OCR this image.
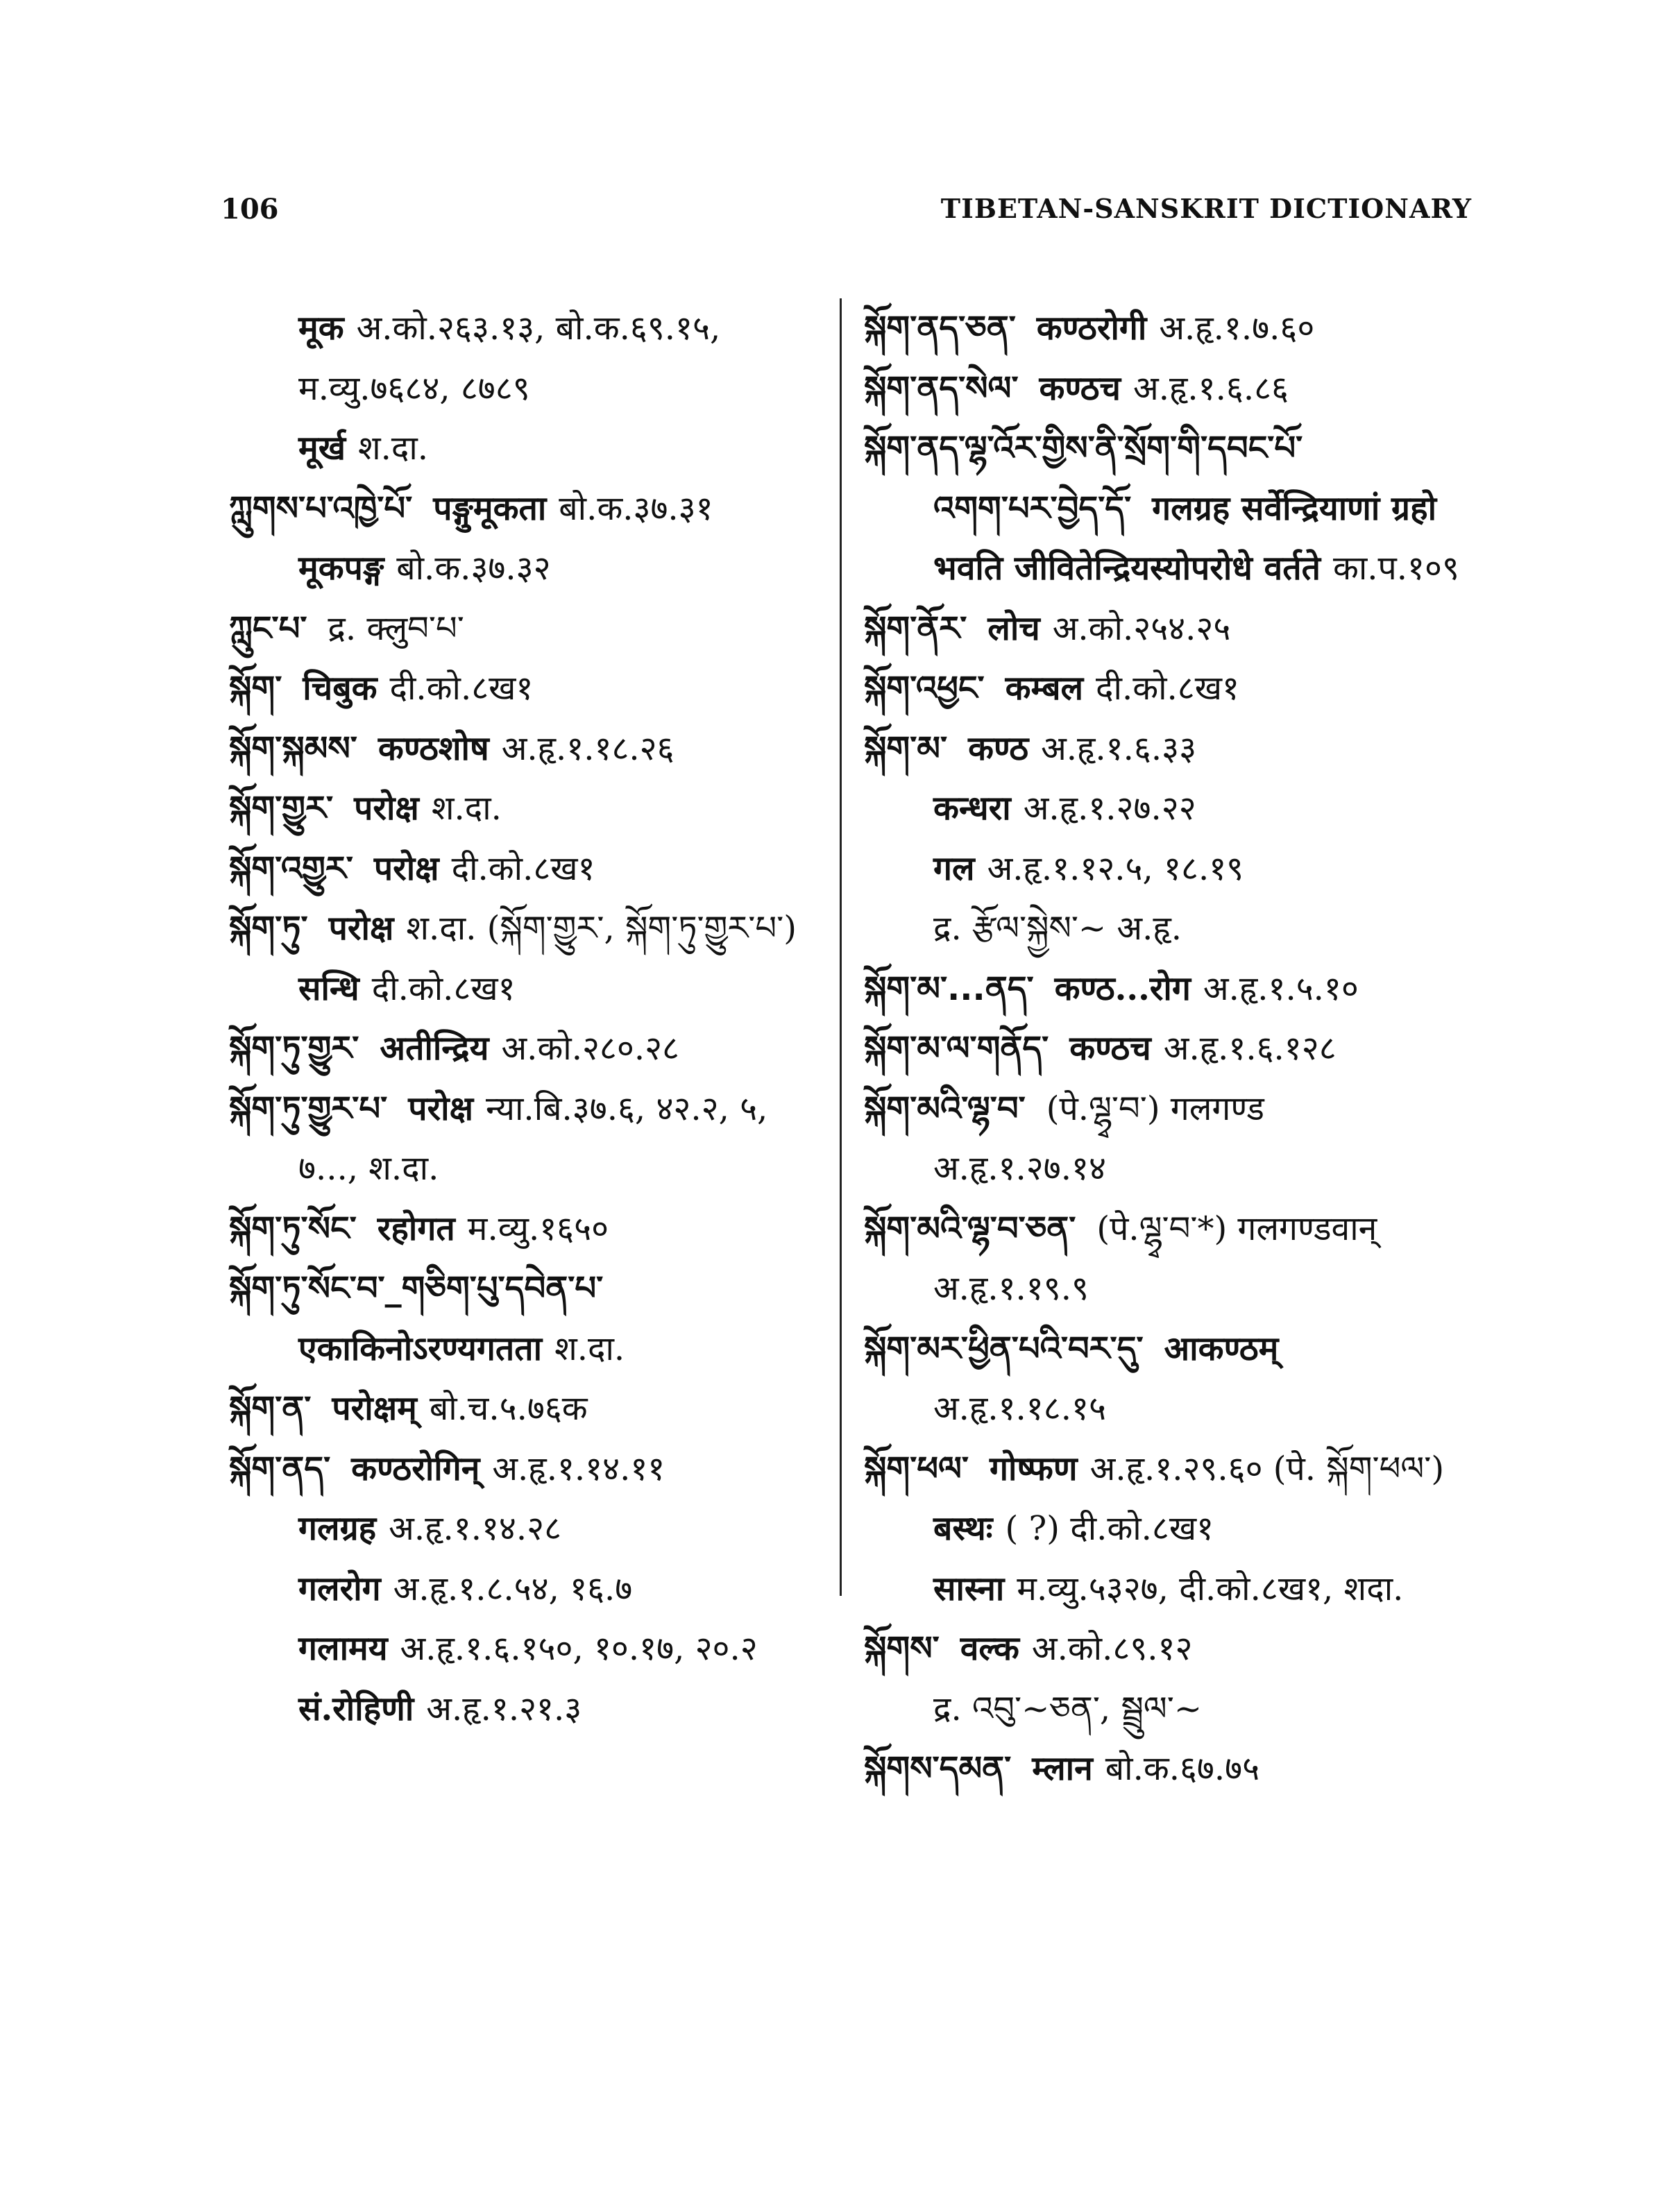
106	TIBETAN-SANSKRIT DICTIONARY
मूक अ.को.२६३.१३, बो.क.६९.१५,
म.व्यु.७६८४, ८७८९
मूर्ख श.दा.
ཀླུགས་པ་འཁྱེ་པོ་ पङ्गुमूकता बो.क.३७.३१
मूकपङ्ग बो.क.३७.३२
ཀླུང་པ་ द्र. क्लुབ་པ་
སྐོག་ चिबुक दी.को.८ख१
སྐོག་སྐམས་ कण्ठशोष अ.हृ.१.१८.२६
སྐོག་གྱུར་ परोक्ष श.दा.
སྐོག་འགྱུར་ परोक्ष दी.को.८ख१
སྐོག་ཏུ་ परोक्ष श.दा. (སྐོག་གྱུར་, སྐོག་ཏུ་གྱུར་པ་)
सन्धि दी.को.८ख१
སྐོག་ཏུ་གྱུར་ अतीन्द्रिय अ.को.२८०.२८
སྐོག་ཏུ་གྱུར་པ་ परोक्ष न्या.बि.३७.६, ४२.२, ५,
७..., श.दा.
སྐོག་ཏུ་སོང་ रहोगत म.व्यु.१६५०
སྐོག་ཏུ་སོང་བ་_གཅིག་པུ་དབེན་པ་
एकाकिनोऽरण्यगतता श.दा.
སྐོག་ན་ परोक्षम् बो.च.५.७६क
སྐོག་ནད་ कण्ठरोगिन् अ.हृ.१.१४.११
गलग्रह अ.हृ.१.१४.२८
गलरोग अ.हृ.१.८.५४, १६.७
गलामय अ.हृ.१.६.१५०, १०.१७, २०.२
सं.रोहिणी अ.हृ.१.२१.३
སྐོག་ནད་ཅན་ कण्ठरोगी अ.हृ.१.७.६०
སྐོག་ནད་སེལ་ कण्ठच अ.हृ.१.६.८६
སྐོག་ནད་ལྷ་འོར་གྱིས་ནི་སྲོག་གི་དབང་པོ་
འགག་པར་བྱེད་དོ་ गलग्रह सर्वेन्द्रियाणां ग्रहो
भवति जीवितेन्द्रियस्योपरोधे वर्तते का.प.१०९
སྐོག་ནོར་ लोच अ.को.२५४.२५
སྐོག་འཕྱང་ कम्बल दी.को.८ख१
སྐོག་མ་ कण्ठ अ.हृ.१.६.३३
कन्धरा अ.हृ.१.२७.२२
गल अ.हृ.१.१२.५, १८.१९
द्र. རྩོལ་སྐྱེས་~ अ.हृ.
སྐོག་མ་...ནད་ कण्ठ...रोग अ.हृ.१.५.१०
སྐོག་མ་ལ་གནོད་ कण्ठच अ.हृ.१.६.१२८
སྐོག་མའི་ལྷ་བ་ (पे.ལྷྭ་བ་) गलगण्ड
अ.हृ.१.२७.१४
སྐོག་མའི་ལྷ་བ་ཅན་ (पे.ལྷྭ་བ་*) गलगण्डवान्
अ.हृ.१.१९.९
སྐོག་མར་ཕྱིན་པའི་བར་དུ་ आकण्ठम्
अ.हृ.१.१८.१५
སྐོག་ཕལ་ गोष्फण अ.हृ.१.२९.६० (पे. སྐོག་ཕལ་)
बस्थः ( ?) दी.को.८ख१
सास्ना म.व्यु.५३२७, दी.को.८ख१, शदा.
སྐོགས་ वल्क अ.को.८९.१२
द्र. འབུ་~ཅན་, སྦྲུལ་~
སྐོགས་དམན་ म्लान बो.क.६७.७५
